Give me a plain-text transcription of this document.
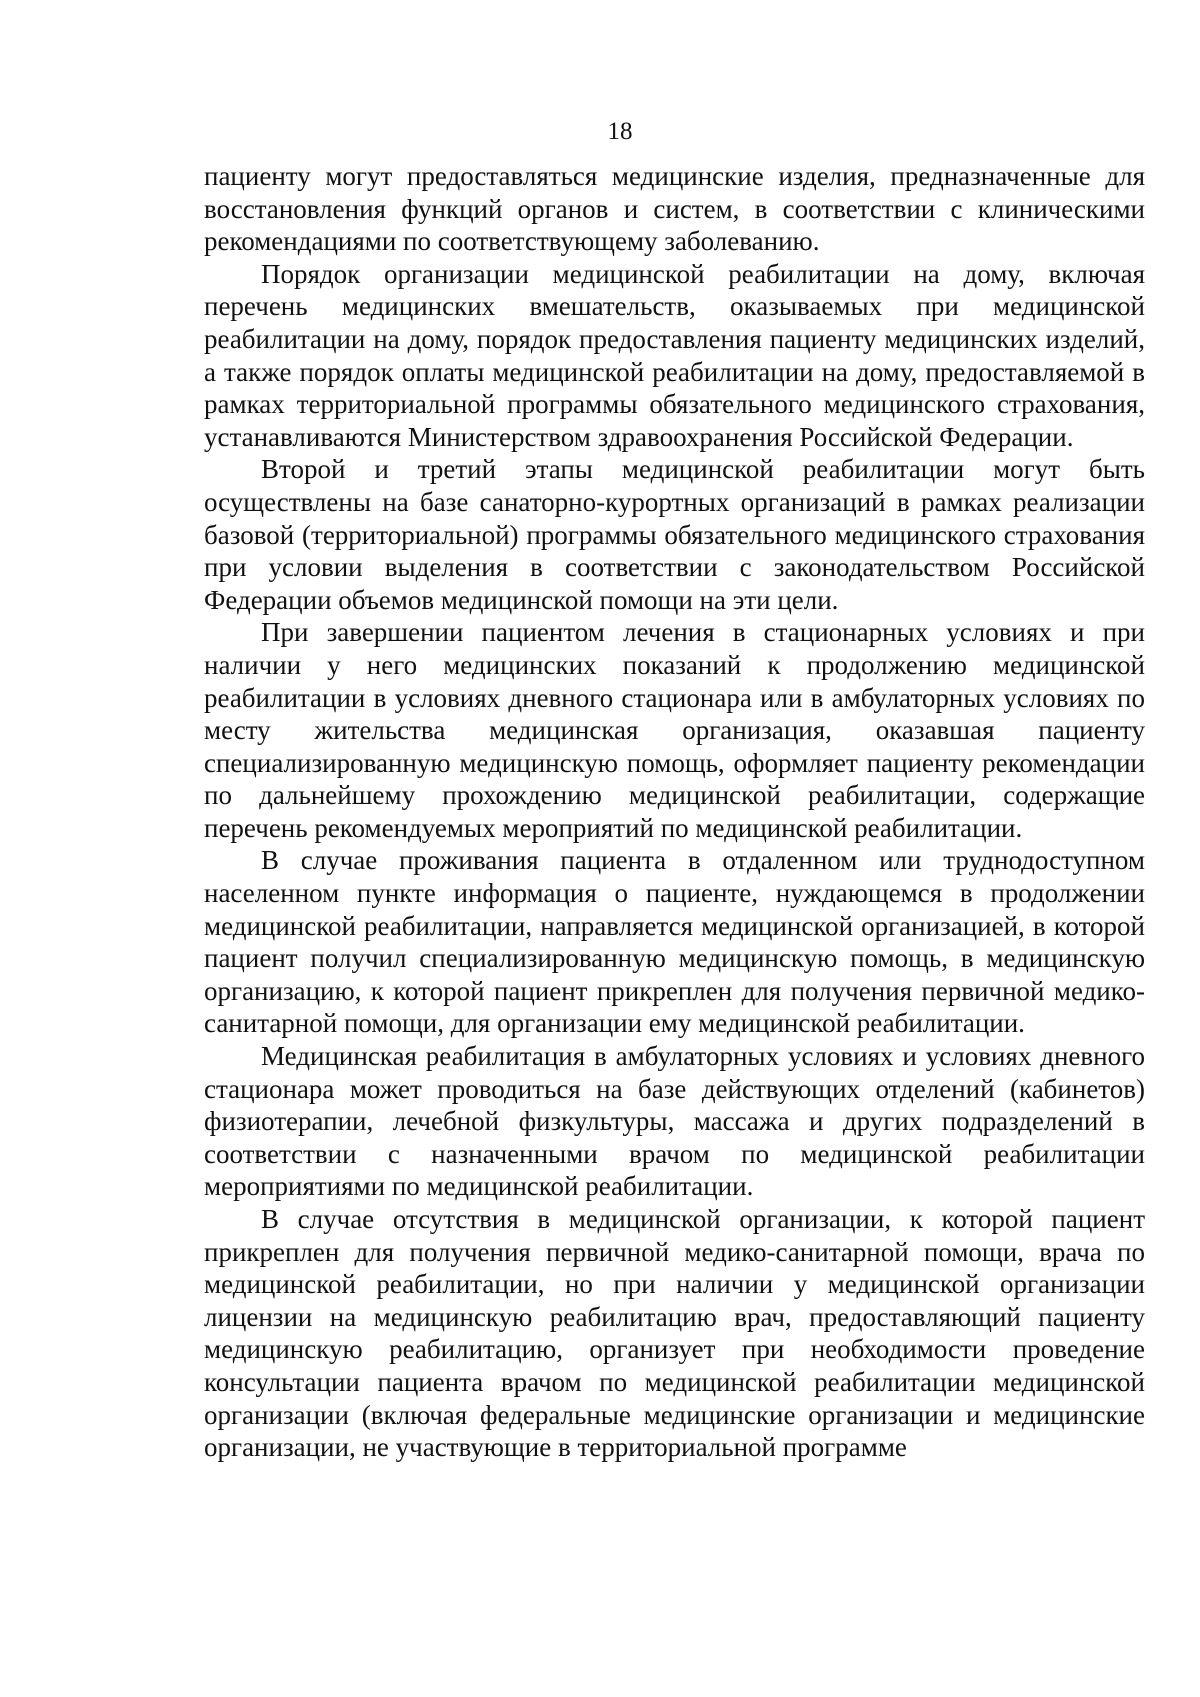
18

пациенту могут предоставляться медицинские изделия, предназначенные для восстановления функций органов и систем, в соответствии с клиническими рекомендациями по соответствующему заболеванию.

Порядок организации медицинской реабилитации на дому, включая перечень медицинских вмешательств, оказываемых при медицинской реабилитации на дому, порядок предоставления пациенту медицинских изделий, а также порядок оплаты медицинской реабилитации на дому, предоставляемой в рамках территориальной программы обязательного медицинского страхования, устанавливаются Министерством здравоохранения Российской Федерации.

Второй и третий этапы медицинской реабилитации могут быть осуществлены на базе санаторно-курортных организаций в рамках реализации базовой (территориальной) программы обязательного медицинского страхования при условии выделения в соответствии с законодательством Российской Федерации объемов медицинской помощи на эти цели.

При завершении пациентом лечения в стационарных условиях и при наличии у него медицинских показаний к продолжению медицинской реабилитации в условиях дневного стационара или в амбулаторных условиях по месту жительства медицинская организация, оказавшая пациенту специализированную медицинскую помощь, оформляет пациенту рекомендации по дальнейшему прохождению медицинской реабилитации, содержащие перечень рекомендуемых мероприятий по медицинской реабилитации.

В случае проживания пациента в отдаленном или труднодоступном населенном пункте информация о пациенте, нуждающемся в продолжении медицинской реабилитации, направляется медицинской организацией, в которой пациент получил специализированную медицинскую помощь, в медицинскую организацию, к которой пациент прикреплен для получения первичной медико-санитарной помощи, для организации ему медицинской реабилитации.

Медицинская реабилитация в амбулаторных условиях и условиях дневного стационара может проводиться на базе действующих отделений (кабинетов) физиотерапии, лечебной физкультуры, массажа и других подразделений в соответствии с назначенными врачом по медицинской реабилитации мероприятиями по медицинской реабилитации.

В случае отсутствия в медицинской организации, к которой пациент прикреплен для получения первичной медико-санитарной помощи, врача по медицинской реабилитации, но при наличии у медицинской организации лицензии на медицинскую реабилитацию врач, предоставляющий пациенту медицинскую реабилитацию, организует при необходимости проведение консультации пациента врачом по медицинской реабилитации медицинской организации (включая федеральные медицинские организации и медицинские организации, не участвующие в территориальной программе
